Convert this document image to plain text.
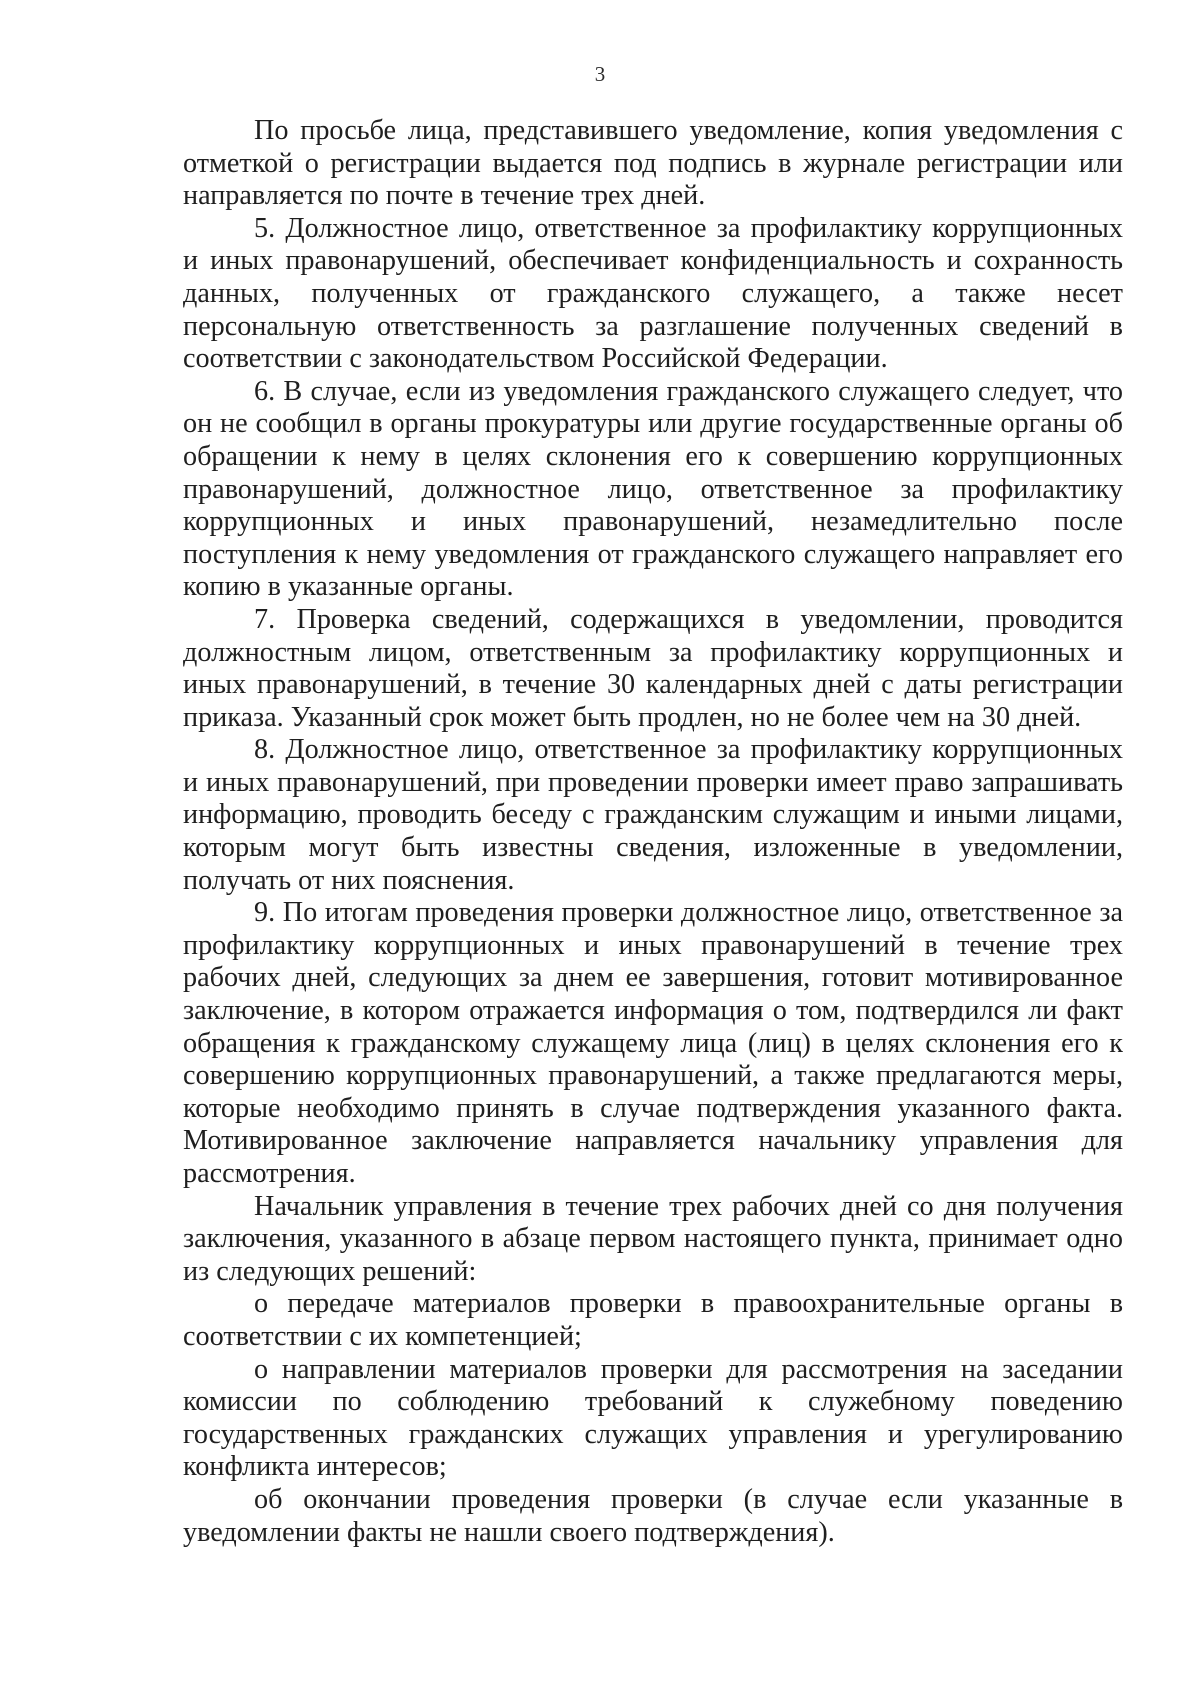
3

По просьбе лица, представившего уведомление, копия уведомления с отметкой о регистрации выдается под подпись в журнале регистрации или направляется по почте в течение трех дней.

5. Должностное лицо, ответственное за профилактику коррупционных и иных правонарушений, обеспечивает конфиденциальность и сохранность данных, полученных от гражданского служащего, а также несет персональную ответственность за разглашение полученных сведений в соответствии с законодательством Российской Федерации.

6. В случае, если из уведомления гражданского служащего следует, что он не сообщил в органы прокуратуры или другие государственные органы об обращении к нему в целях склонения его к совершению коррупционных правонарушений, должностное лицо, ответственное за профилактику коррупционных и иных правонарушений, незамедлительно после поступления к нему уведомления от гражданского служащего направляет его копию в указанные органы.

7. Проверка сведений, содержащихся в уведомлении, проводится должностным лицом, ответственным за профилактику коррупционных и иных правонарушений, в течение 30 календарных дней с даты регистрации приказа. Указанный срок может быть продлен, но не более чем на 30 дней.

8. Должностное лицо, ответственное за профилактику коррупционных и иных правонарушений, при проведении проверки имеет право запрашивать информацию, проводить беседу с гражданским служащим и иными лицами, которым могут быть известны сведения, изложенные в уведомлении, получать от них пояснения.

9. По итогам проведения проверки должностное лицо, ответственное за профилактику коррупционных и иных правонарушений в течение трех рабочих дней, следующих за днем ее завершения, готовит мотивированное заключение, в котором отражается информация о том, подтвердился ли факт обращения к гражданскому служащему лица (лиц) в целях склонения его к совершению коррупционных правонарушений, а также предлагаются меры, которые необходимо принять в случае подтверждения указанного факта. Мотивированное заключение направляется начальнику управления для рассмотрения.

Начальник управления в течение трех рабочих дней со дня получения заключения, указанного в абзаце первом настоящего пункта, принимает одно из следующих решений:

о передаче материалов проверки в правоохранительные органы в соответствии с их компетенцией;

о направлении материалов проверки для рассмотрения на заседании комиссии по соблюдению требований к служебному поведению государственных гражданских служащих управления и урегулированию конфликта интересов;

об окончании проведения проверки (в случае если указанные в уведомлении факты не нашли своего подтверждения).
